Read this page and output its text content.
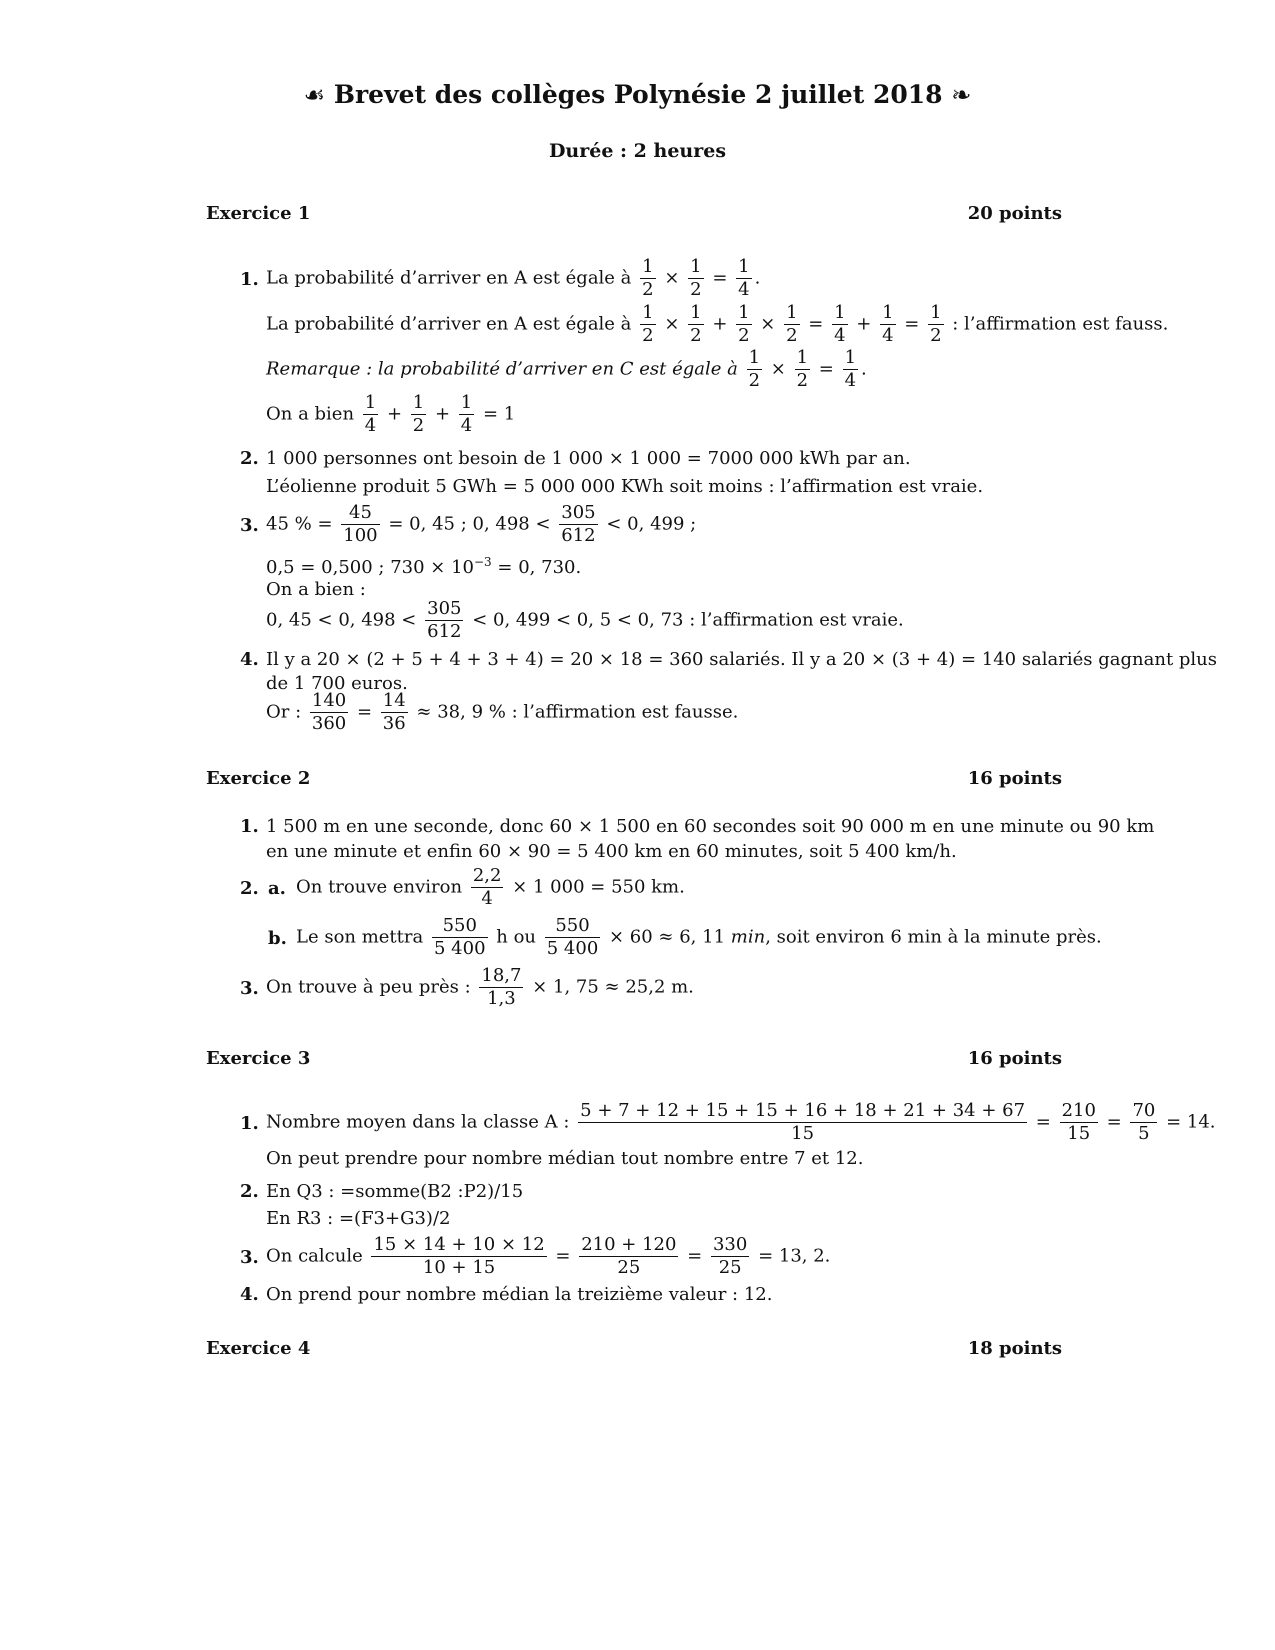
☙ Brevet des collèges Polynésie 2 juillet 2018 ❧
Durée : 2 heures
Exercice 1	20 points
1. La probabilité d’arriver en A est égale à $\frac{1}{2} \times \frac{1}{2} = \frac{1}{4}$ .
La probabilité d’arriver en A est égale à $\frac{1}{2} \times \frac{1}{2} + \frac{1}{2} \times \frac{1}{2} = \frac{1}{4} + \frac{1}{4} = \frac{1}{2}$ : l’affirmation est fauss.
Remarque : la probabilité d’arriver en C est égale à $\frac{1}{2} \times \frac{1}{2} = \frac{1}{4}$ .
On a bien $\frac{1}{4} + \frac{1}{2} + \frac{1}{4} = 1$
2. 1 000 personnes ont besoin de 1 000 × 1 000 = 7000 000 kWh par an.
L’éolienne produit 5 GWh = 5 000 000 KWh soit moins : l’affirmation est vraie.
3. 45 % = $\frac{45}{100} = 0$, 45 ; 0, $498 < \frac{305}{612} < 0$, 499 ;
0,5 = 0,500 ; $730 \times 10^{-3} = 0$, 730.
On a bien :
0, 45 < 0, $498 < \frac{305}{612} < 0$, 499 < 0, 5 < 0, 73 : l’affirmation est vraie.
4. Il y a 20 × (2 + 5 + 4 + 3 + 4) = 20 × 18 = 360 salariés. Il y a 20 × (3 + 4) = 140 salariés gagnant plus
de 1 700 euros.
Or : $\frac{140}{360} = \frac{14}{36} \approx 38$, 9 % : l’affirmation est fausse.
Exercice 2	16 points
1. 1 500 m en une seconde, donc 60 × 1 500 en 60 secondes soit 90 000 m en une minute ou 90 km
en une minute et enfin 60 × 90 = 5 400 km en 60 minutes, soit 5 400 km/h.
2. a. On trouve environ $\frac{2,2}{4} \times 1$ 000 = 550 km.
b. Le son mettra $\frac{550}{5 400}$ h ou $\frac{550}{5 400} \times 60 \approx 6$, 11 min, soit environ 6 min à la minute près.
3. On trouve à peu près : $\frac{18,7}{1,3} \times 1$, 75 ≈ 25,2 m.
Exercice 3	16 points
1. Nombre moyen dans la classe A : $\frac{5 + 7 + 12 + 15 + 15 + 16 + 18 + 21 + 34 + 67}{15} = \frac{210}{15} = \frac{70}{5} = 14$.
On peut prendre pour nombre médian tout nombre entre 7 et 12.
2. En Q3 : =somme(B2 :P2)/15
En R3 : =(F3+G3)/2
3. On calcule $\frac{15 \times 14 + 10 \times 12}{10 + 15} = \frac{210 + 120}{25} = \frac{330}{25} = 13$, 2.
4. On prend pour nombre médian la treizième valeur : 12.
Exercice 4	18 points
